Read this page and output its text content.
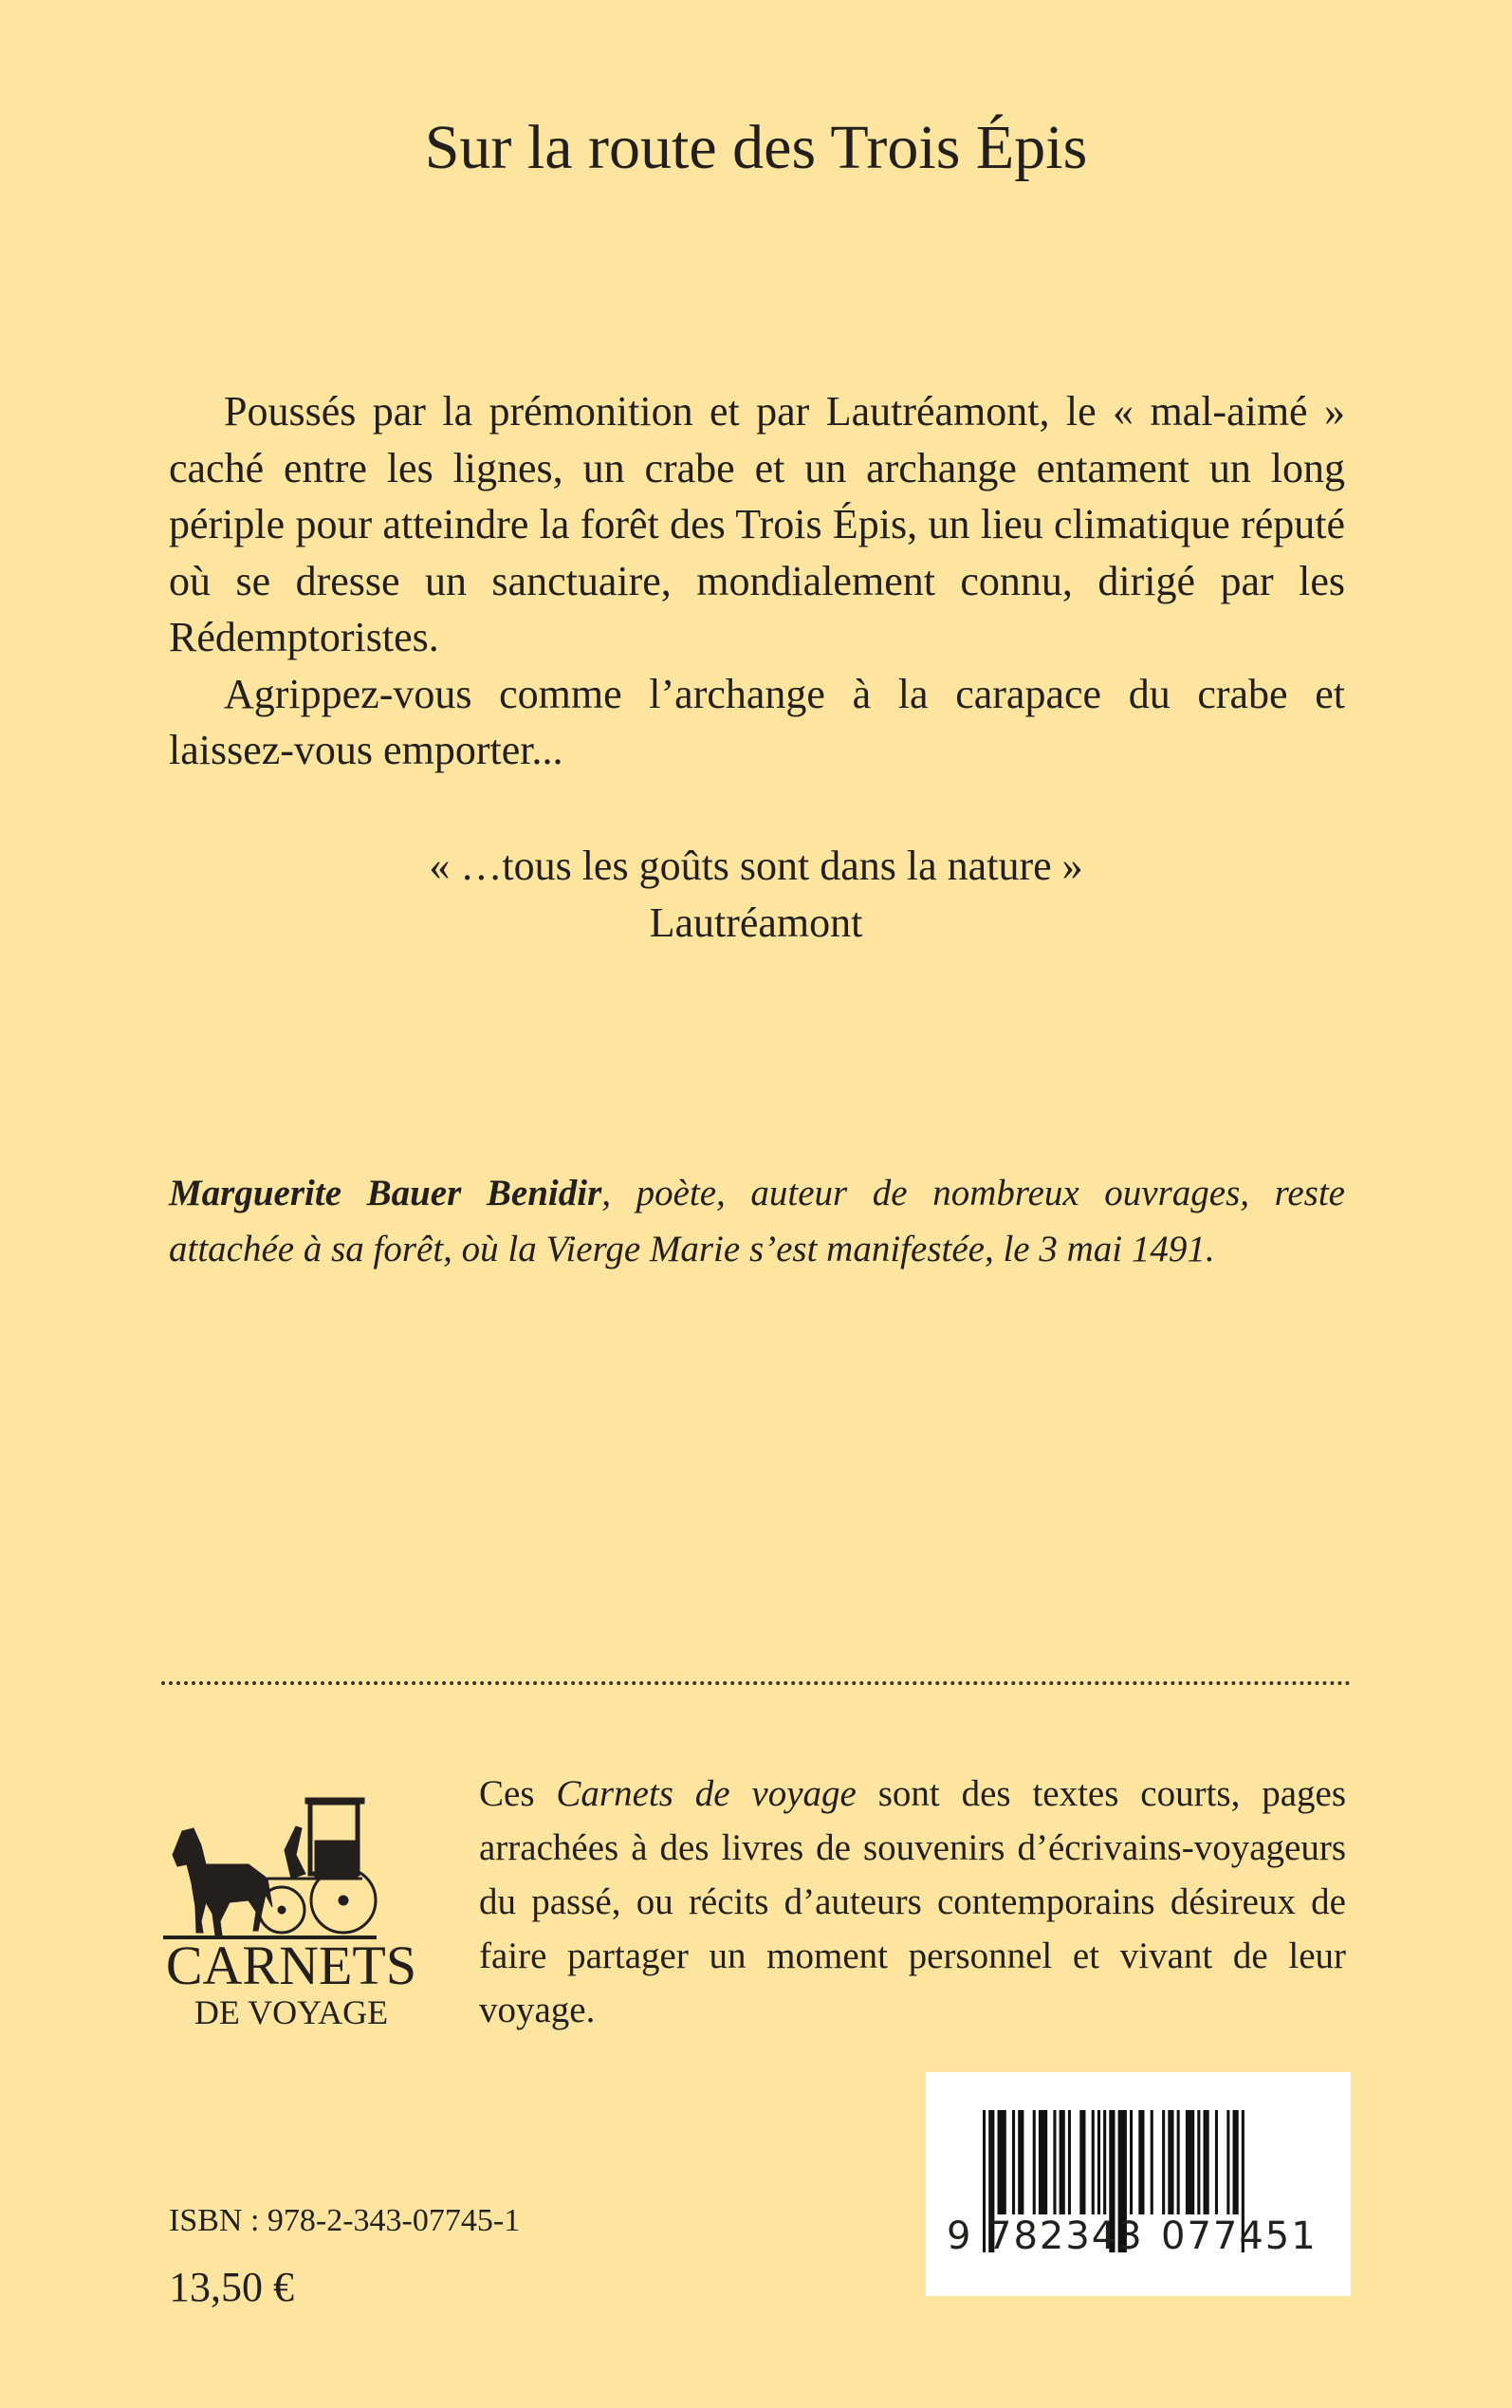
Sur la route des Trois Épis

Poussés par la prémonition et par Lautréamont, le « mal-aimé » caché entre les lignes, un crabe et un archange entament un long périple pour atteindre la forêt des Trois Épis, un lieu climatique réputé où se dresse un sanctuaire, mondialement connu, dirigé par les Rédemptoristes.

Agrippez-vous comme l’archange à la carapace du crabe et laissez-vous emporter...

« …tous les goûts sont dans la nature »
Lautréamont
Marguerite Bauer Benidir, poète, auteur de nombreux ouvrages, reste attachée à sa forêt, où la Vierge Marie s’est manifestée, le 3 mai 1491.
CARNETS
DE VOYAGE
Ces Carnets de voyage sont des textes courts, pages arrachées à des livres de souvenirs d’écrivains-voyageurs du passé, ou récits d’auteurs contemporains désireux de faire partager un moment personnel et vivant de leur voyage.
ISBN : 978-2-343-07745-1
13,50 €
9 782343 077451
